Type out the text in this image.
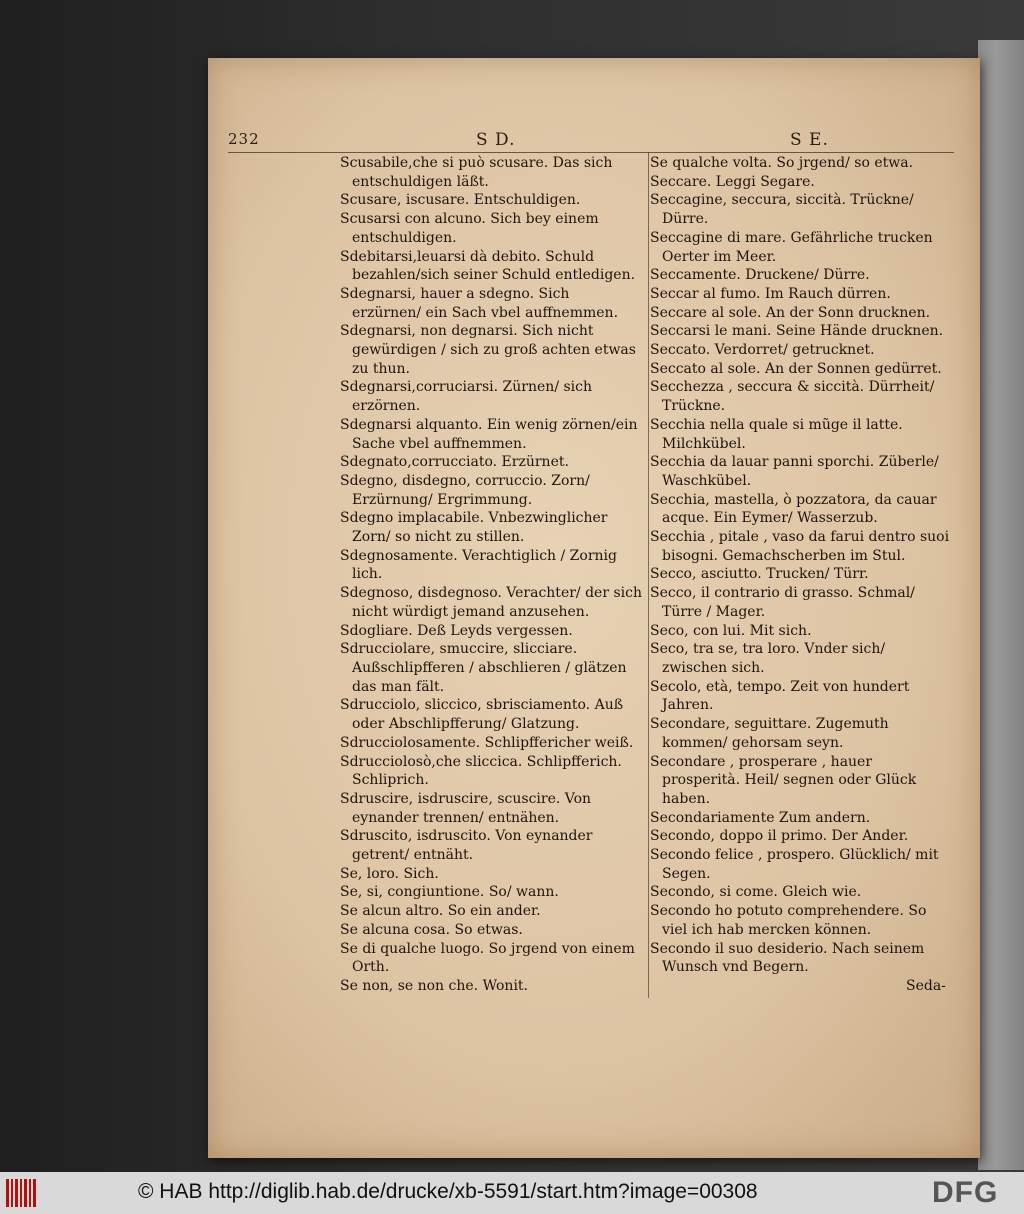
232	S D.	S E.
Seda-

Scusabile,che si può scusare. Das sich entschuldigen läßt.

Scusare, iscusare. Entschuldigen.

Scusarsi con alcuno. Sich bey einem entschuldigen.

Sdebitarsi,leuarsi dà debito. Schuld bezahlen/sich seiner Schuld entledigen.

Sdegnarsi, hauer a sdegno. Sich erzürnen/ ein Sach vbel auffnemmen.

Sdegnarsi, non degnarsi. Sich nicht gewürdigen / sich zu groß achten etwas zu thun.

Sdegnarsi,corruciarsi. Zürnen/ sich erzörnen.

Sdegnarsi alquanto. Ein wenig zörnen/ein Sache vbel auffnemmen.

Sdegnato,corrucciato. Erzürnet.

Sdegno, disdegno, corruccio. Zorn/ Erzürnung/ Ergrimmung.

Sdegno implacabile. Vnbezwinglicher Zorn/ so nicht zu stillen.

Sdegnosamente. Verachtiglich / Zornig lich.

Sdegnoso, disdegnoso. Verachter/ der sich nicht würdigt jemand anzusehen.

Sdogliare. Deß Leyds vergessen.

Sdrucciolare, smuccire, slicciare. Außschlipfferen / abschlieren / glätzen das man fält.

Sdrucciolo, sliccico, sbrisciamento. Auß oder Abschlipfferung/ Glatzung.

Sdrucciolosamente. Schlipffericher weiß.

Sdrucciolosò,che sliccica. Schlipfferich. Schliprich.

Sdruscire, isdruscire, scuscire. Von eynander trennen/ entnähen.

Sdruscito, isdruscito. Von eynander getrent/ entnäht.

Se, loro. Sich.

Se, si, congiuntione. So/ wann.

Se alcun altro. So ein ander.

Se alcuna cosa. So etwas.

Se di qualche luogo. So jrgend von einem Orth.

Se non, se non che. Wonit.

Se qualche volta. So jrgend/ so etwa.

Seccare. Leggi Segare.

Seccagine, seccura, siccità. Trückne/ Dürre.

Seccagine di mare. Gefährliche trucken Oerter im Meer.

Seccamente. Druckene/ Dürre.

Seccar al fumo. Im Rauch dürren.

Seccare al sole. An der Sonn drucknen.

Seccarsi le mani. Seine Hände drucknen.

Seccato. Verdorret/ getrucknet.

Seccato al sole. An der Sonnen gedürret.

Secchezza , seccura & siccità. Dürrheit/ Trückne.

Secchia nella quale si mũge il latte. Milchkübel.

Secchia da lauar panni sporchi. Züberle/ Waschkübel.

Secchia, mastella, ò pozzatora, da cauar acque. Ein Eymer/ Wasserzub.

Secchia , pitale , vaso da farui dentro suoi bisogni. Gemachscherben im Stul.

Secco, asciutto. Trucken/ Türr.

Secco, il contrario di grasso. Schmal/ Türre / Mager.

Seco, con lui. Mit sich.

Seco, tra se, tra loro. Vnder sich/ zwischen sich.

Secolo, età, tempo. Zeit von hundert Jahren.

Secondare, seguittare. Zugemuth kommen/ gehorsam seyn.

Secondare , prosperare , hauer prosperità. Heil/ segnen oder Glück haben.

Secondariamente Zum andern.

Secondo, doppo il primo. Der Ander.

Secondo felice , prospero. Glücklich/ mit Segen.

Secondo, si come. Gleich wie.

Secondo ho potuto comprehendere. So viel ich hab mercken können.

Secondo il suo desiderio. Nach seinem Wunsch vnd Begern.

© HAB http://diglib.hab.de/drucke/xb-5591/start.htm?image=00308	DFG
